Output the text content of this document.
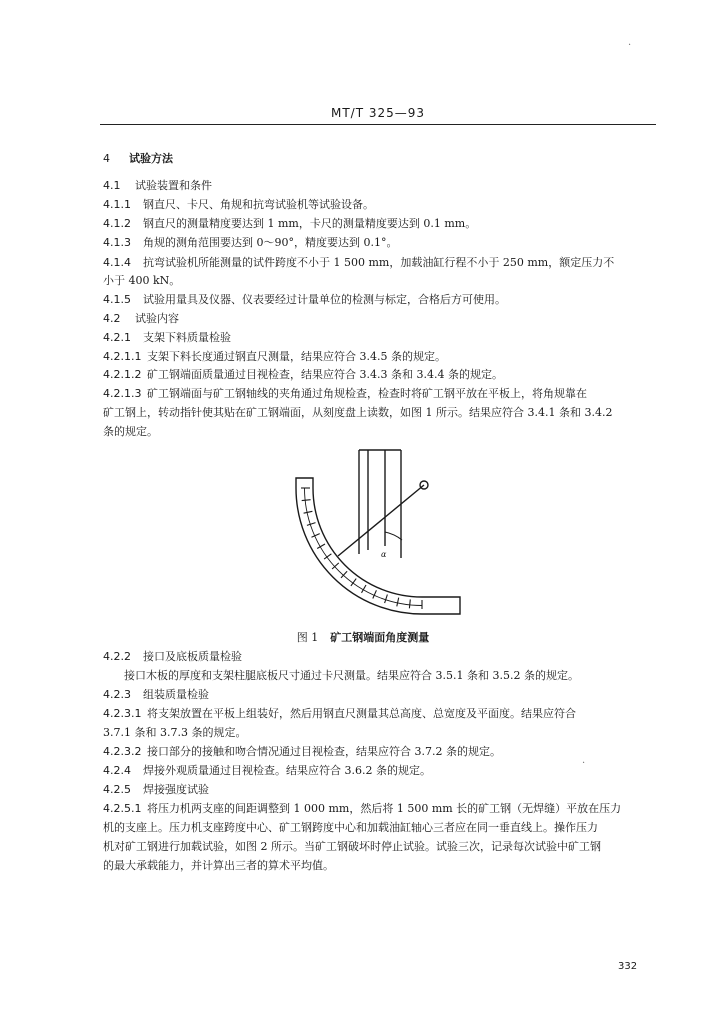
MT/T 325—93
4 试验方法
4.1 试验装置和条件
4.1.1 钢直尺、卡尺、角规和抗弯试验机等试验设备。
4.1.2 钢直尺的测量精度要达到 1 mm，卡尺的测量精度要达到 0.1 mm。
4.1.3 角规的测角范围要达到 0～90°，精度要达到 0.1°。
4.1.4 抗弯试验机所能测量的试件跨度不小于 1 500 mm，加载油缸行程不小于 250 mm，额定压力不
小于 400 kN。
4.1.5 试验用量具及仪器、仪表要经过计量单位的检测与标定，合格后方可使用。
4.2 试验内容
4.2.1 支架下料质量检验
4.2.1.1 支架下料长度通过钢直尺测量，结果应符合 3.4.5 条的规定。
4.2.1.2 矿工钢端面质量通过目视检查，结果应符合 3.4.3 条和 3.4.4 条的规定。
4.2.1.3 矿工钢端面与矿工钢轴线的夹角通过角规检查，检查时将矿工钢平放在平板上，将角规靠在
矿工钢上，转动指针使其贴在矿工钢端面，从刻度盘上读数，如图 1 所示。结果应符合 3.4.1 条和 3.4.2
条的规定。
α
图 1 矿工钢端面角度测量
4.2.2 接口及底板质量检验
接口木板的厚度和支架柱腿底板尺寸通过卡尺测量。结果应符合 3.5.1 条和 3.5.2 条的规定。
4.2.3 组装质量检验
4.2.3.1 将支架放置在平板上组装好，然后用钢直尺测量其总高度、总宽度及平面度。结果应符合
3.7.1 条和 3.7.3 条的规定。
4.2.3.2 接口部分的接触和吻合情况通过目视检查，结果应符合 3.7.2 条的规定。
4.2.4 焊接外观质量通过目视检查。结果应符合 3.6.2 条的规定。
4.2.5 焊接强度试验
4.2.5.1 将压力机两支座的间距调整到 1 000 mm，然后将 1 500 mm 长的矿工钢（无焊缝）平放在压力
机的支座上。压力机支座跨度中心、矿工钢跨度中心和加载油缸轴心三者应在同一垂直线上。操作压力
机对矿工钢进行加载试验，如图 2 所示。当矿工钢破坏时停止试验。试验三次，记录每次试验中矿工钢
的最大承载能力，并计算出三者的算术平均值。
332
·
·
